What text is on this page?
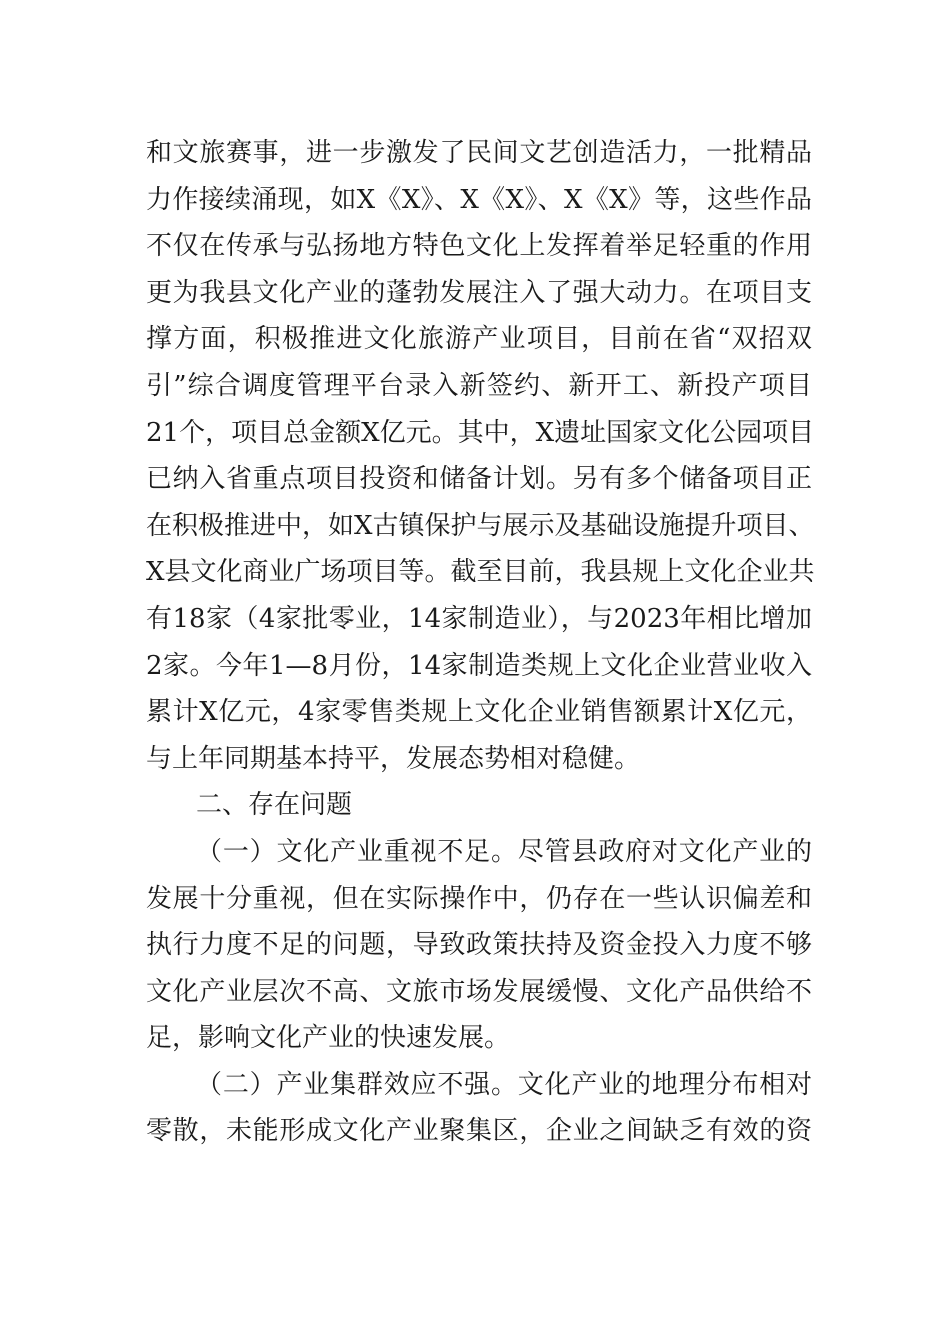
和文旅赛事，进一步激发了民间文艺创造活力，一批精品
力作接续涌现，如X《X》、X《X》、X《X》等，这些作品
不仅在传承与弘扬地方特色文化上发挥着举足轻重的作用
更为我县文化产业的蓬勃发展注入了强大动力。在项目支
撑方面，积极推进文化旅游产业项目，目前在省“双招双
引”综合调度管理平台录入新签约、新开工、新投产项目
21个，项目总金额X亿元。其中，X遗址国家文化公园项目
已纳入省重点项目投资和储备计划。另有多个储备项目正
在积极推进中，如X古镇保护与展示及基础设施提升项目、
X县文化商业广场项目等。截至目前，我县规上文化企业共
有18家（4家批零业，14家制造业），与2023年相比增加
2家。今年1—8月份，14家制造类规上文化企业营业收入
累计X亿元，4家零售类规上文化企业销售额累计X亿元，
与上年同期基本持平，发展态势相对稳健。
二、存在问题
（一）文化产业重视不足。尽管县政府对文化产业的
发展十分重视，但在实际操作中，仍存在一些认识偏差和
执行力度不足的问题，导致政策扶持及资金投入力度不够
文化产业层次不高、文旅市场发展缓慢、文化产品供给不
足，影响文化产业的快速发展。
（二）产业集群效应不强。文化产业的地理分布相对
零散，未能形成文化产业聚集区，企业之间缺乏有效的资
